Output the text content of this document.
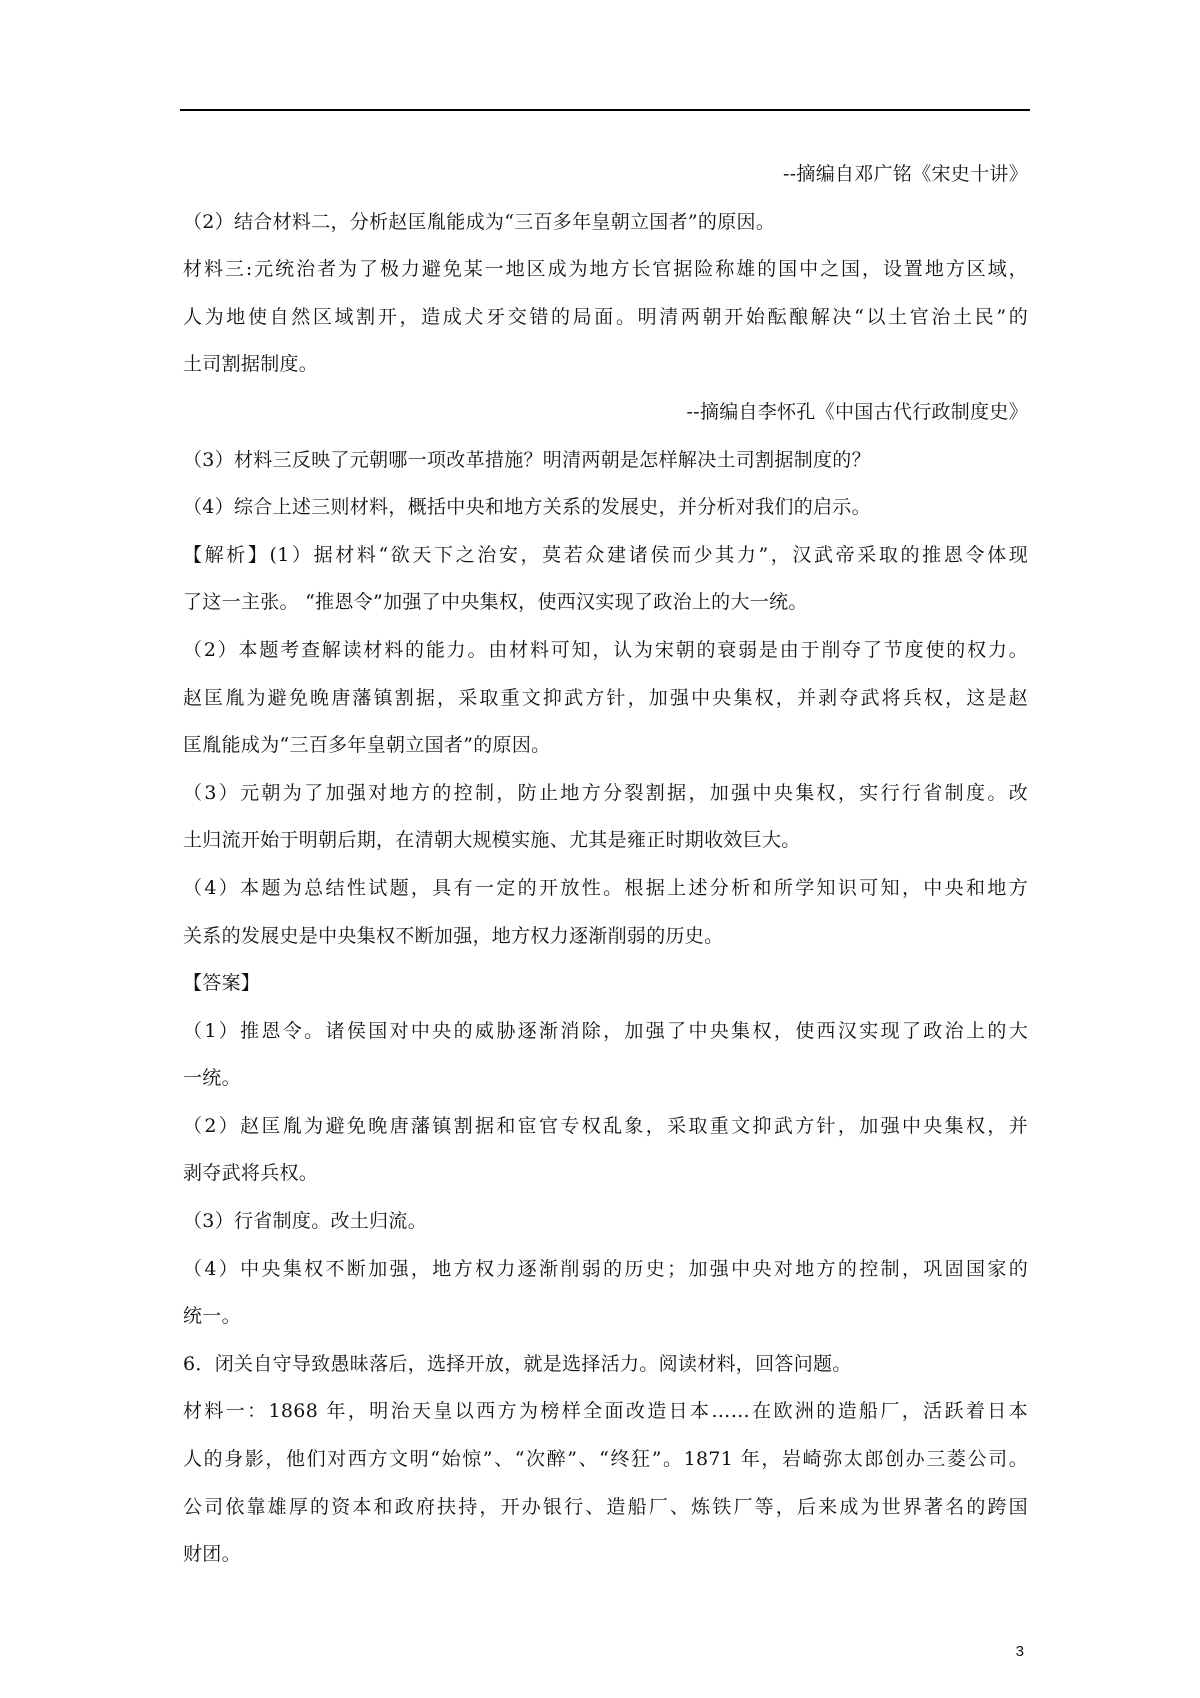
--摘编自邓广铭《宋史十讲》
（2）结合材料二，分析赵匡胤能成为“三百多年皇朝立国者”的原因。
材料三:元统治者为了极力避免某一地区成为地方长官据险称雄的国中之国，设置地方区域，
人为地使自然区域割开，造成犬牙交错的局面。明清两朝开始酝酿解决“以土官治土民”的
土司割据制度。
--摘编自李怀孔《中国古代行政制度史》
（3）材料三反映了元朝哪一项改革措施？明清两朝是怎样解决土司割据制度的？
（4）综合上述三则材料，概括中央和地方关系的发展史，并分析对我们的启示。
【解析】(1）据材料“欲天下之治安，莫若众建诸侯而少其力”，汉武帝采取的推恩令体现
了这一主张。 “推恩令”加强了中央集权，使西汉实现了政治上的大一统。
（2）本题考查解读材料的能力。由材料可知，认为宋朝的衰弱是由于削夺了节度使的权力。
赵匡胤为避免晚唐藩镇割据，采取重文抑武方针，加强中央集权，并剥夺武将兵权，这是赵
匡胤能成为“三百多年皇朝立国者”的原因。
（3）元朝为了加强对地方的控制，防止地方分裂割据，加强中央集权，实行行省制度。改
土归流开始于明朝后期，在清朝大规模实施、尤其是雍正时期收效巨大。
（4）本题为总结性试题，具有一定的开放性。根据上述分析和所学知识可知，中央和地方
关系的发展史是中央集权不断加强，地方权力逐渐削弱的历史。
【答案】
（1）推恩令。诸侯国对中央的威胁逐渐消除，加强了中央集权，使西汉实现了政治上的大
一统。
（2）赵匡胤为避免晚唐藩镇割据和宦官专权乱象，采取重文抑武方针，加强中央集权，并
剥夺武将兵权。
（3）行省制度。改土归流。
（4）中央集权不断加强，地方权力逐渐削弱的历史；加强中央对地方的控制，巩固国家的
统一。
6．闭关自守导致愚昧落后，选择开放，就是选择活力。阅读材料，回答问题。
材料一：1868 年，明治天皇以西方为榜样全面改造日本……在欧洲的造船厂，活跃着日本
人的身影，他们对西方文明“始惊”、“次醉”、“终狂”。1871 年，岩崎弥太郎创办三菱公司。
公司依靠雄厚的资本和政府扶持，开办银行、造船厂、炼铁厂等，后来成为世界著名的跨国
财团。
3
